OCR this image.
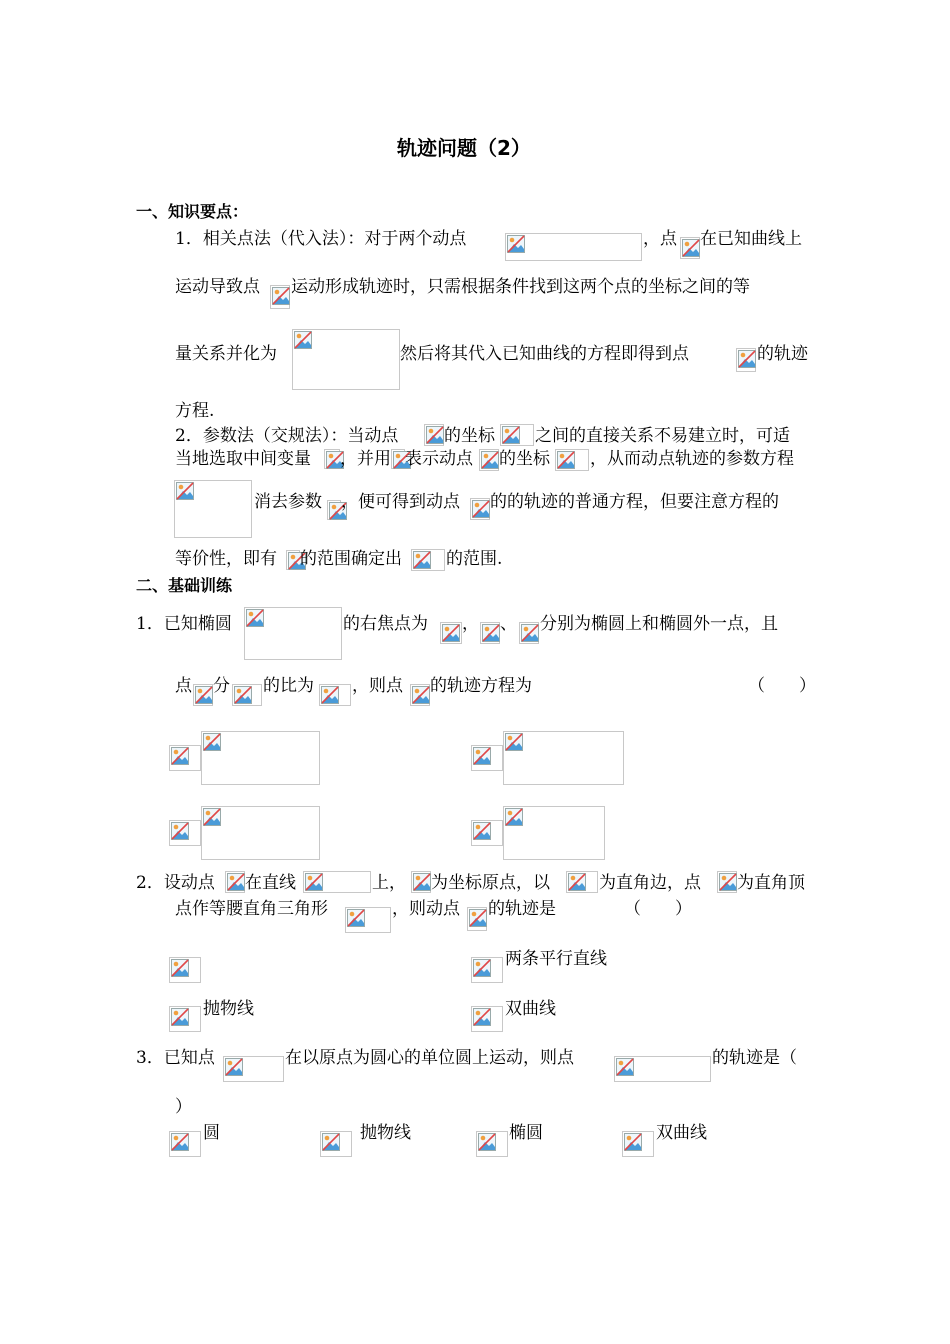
轨迹问题（2）
一、知识要点：
1．相关点法（代入法）：对于两个动点	，点 在已知曲线上
运动导致点 运动形成轨迹时，只需根据条件找到这两个点的坐标之间的等
量关系并化为	然后将其代入已知曲线的方程即得到点	的轨迹
方程.
2．参数法（交规法）：当动点	的坐标 之间的直接关系不易建立时，可适
当地选取中间变量 ，并用 表示动点 的坐标 ，从而动点轨迹的参数方程
消去参数 ，便可得到动点 的的轨迹的普通方程，但要注意方程的
等价性，即有 的范围确定出	的范围.
二、基础训练
1．已知椭圆	的右焦点为 ， 、 分别为椭圆上和椭圆外一点，且
点 分 的比为 ，则点 的轨迹方程为	（　　）
2．设动点 在直线	上， 为坐标原点，以	为直角边，点 为直角顶
点作等腰直角三角形	，则动点 的轨迹是	（　　）
两条平行直线
抛物线	双曲线
3．已知点	在以原点为圆心的单位圆上运动，则点	的轨迹是（
）
圆	抛物线	椭圆	双曲线
